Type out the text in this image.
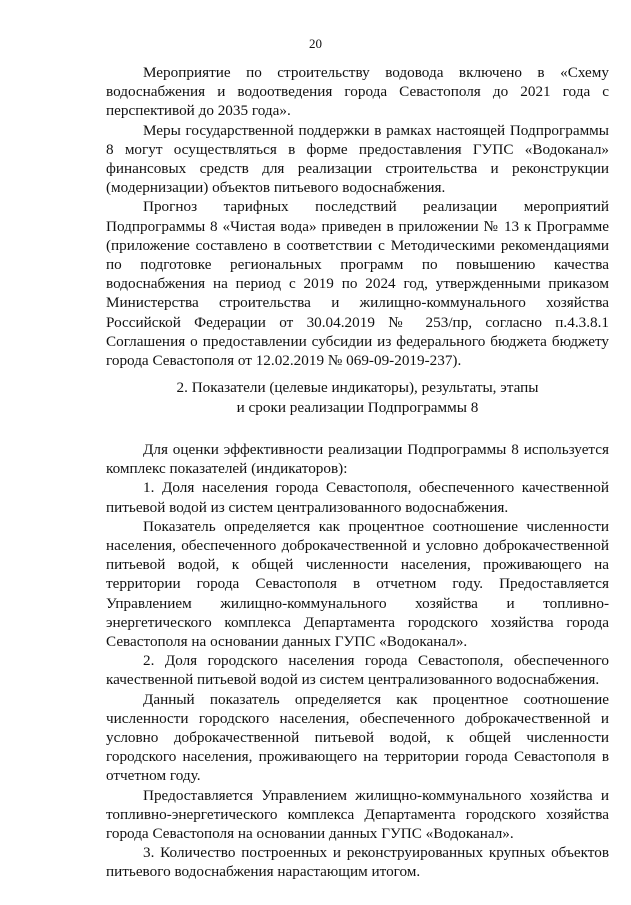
20

Мероприятие по строительству водовода включено в «Схему водоснабжения и водоотведения города Севастополя до 2021 года с перспективой до 2035 года».

Меры государственной поддержки в рамках настоящей Подпрограммы 8 могут осуществляться в форме предоставления ГУПС «Водоканал» финансовых средств для реализации строительства и реконструкции (модернизации) объектов питьевого водоснабжения.

Прогноз тарифных последствий реализации мероприятий Подпрограммы 8 «Чистая вода» приведен в приложении № 13 к Программе (приложение составлено в соответствии с Методическими рекомендациями по подготовке региональных программ по повышению качества водоснабжения на период с 2019 по 2024 год, утвержденными приказом Министерства строительства и жилищно-коммунального хозяйства Российской Федерации от 30.04.2019 № 253/пр, согласно п.4.3.8.1 Соглашения о предоставлении субсидии из федерального бюджета бюджету города Севастополя от 12.02.2019 № 069-09-2019-237).

2. Показатели (целевые индикаторы), результаты, этапы
и сроки реализации Подпрограммы 8

Для оценки эффективности реализации Подпрограммы 8 используется комплекс показателей (индикаторов):

1. Доля населения города Севастополя, обеспеченного качественной питьевой водой из систем централизованного водоснабжения.

Показатель определяется как процентное соотношение численности населения, обеспеченного доброкачественной и условно доброкачественной питьевой водой, к общей численности населения, проживающего на территории города Севастополя в отчетном году. Предоставляется Управлением жилищно-коммунального хозяйства и топливно-энергетического комплекса Департамента городского хозяйства города Севастополя на основании данных ГУПС «Водоканал».

2. Доля городского населения города Севастополя, обеспеченного качественной питьевой водой из систем централизованного водоснабжения.

Данный показатель определяется как процентное соотношение численности городского населения, обеспеченного доброкачественной и условно доброкачественной питьевой водой, к общей численности городского населения, проживающего на территории города Севастополя в отчетном году.

Предоставляется Управлением жилищно-коммунального хозяйства и топливно-энергетического комплекса Департамента городского хозяйства города Севастополя на основании данных ГУПС «Водоканал».

3. Количество построенных и реконструированных крупных объектов питьевого водоснабжения нарастающим итогом.
